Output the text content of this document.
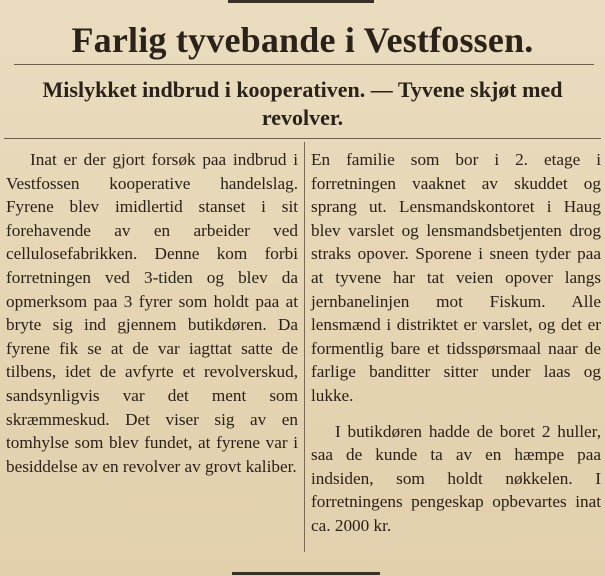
Farlig tyvebande i Vestfossen.
Mislykket indbrud i kooperativen. — Tyvene skjøt med revolver.

Inat er der gjort forsøk paa indbrud i Vestfossen kooperative handelslag. Fyrene blev imidlertid stanset i sit forehavende av en arbeider ved cellulosefabrikken. Denne kom forbi forretningen ved 3-tiden og blev da opmerksom paa 3 fyrer som holdt paa at bryte sig ind gjennem butikdøren. Da fyrene fik se at de var iagttat satte de tilbens, idet de avfyrte et revolverskud, sandsynligvis var det ment som skræmmeskud. Det viser sig av en tomhylse som blev fundet, at fyrene var i besiddelse av en revolver av grovt kaliber.

En familie som bor i 2. etage i forretningen vaaknet av skuddet og sprang ut. Lensmandskontoret i Haug blev varslet og lensmandsbetjenten drog straks opover. Sporene i sneen tyder paa at tyvene har tat veien opover langs jernbanelinjen mot Fiskum. Alle lensmænd i distriktet er varslet, og det er formentlig bare et tidsspørsmaal naar de farlige banditter sitter under laas og lukke.

I butikdøren hadde de boret 2 huller, saa de kunde ta av en hæmpe paa indsiden, som holdt nøkkelen. I forretningens pengeskap opbevartes inat ca. 2000 kr.
